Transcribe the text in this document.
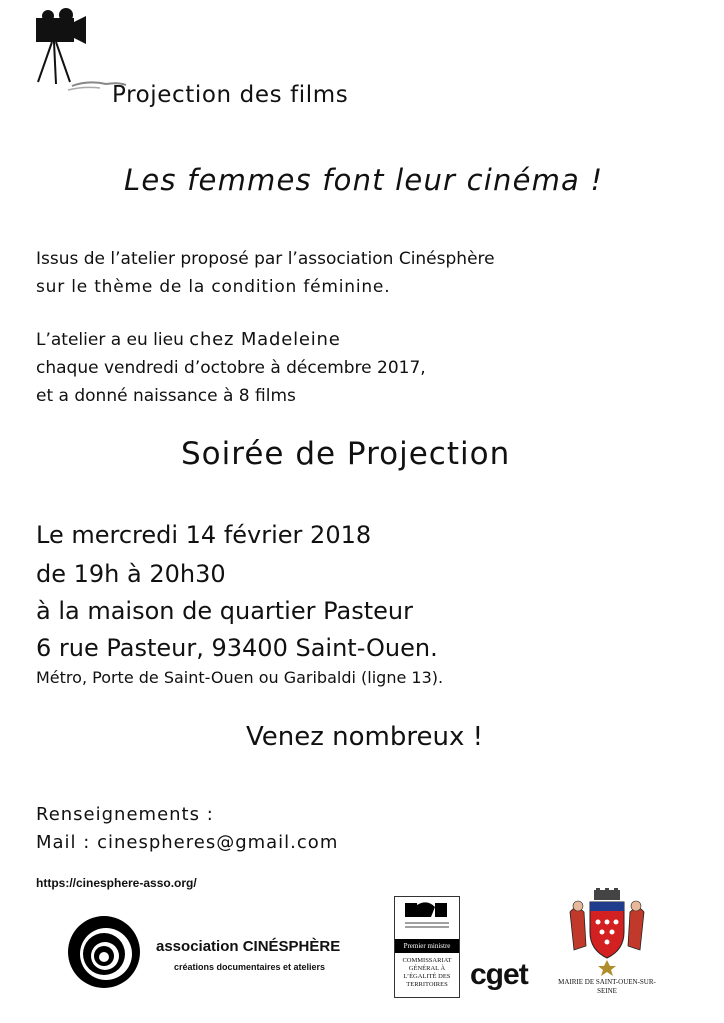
Projection des films
Les femmes font leur cinéma !
Issus de l’atelier proposé par l’association Cinésphère
sur le thème de la condition féminine.
L’atelier a eu lieu chez Madeleine
chaque vendredi d’octobre à décembre 2017,
et a donné naissance à 8 films
Soirée de Projection
Le mercredi 14 février 2018
de 19h à 20h30
à la maison de quartier Pasteur
6 rue Pasteur, 93400 Saint-Ouen.
Métro, Porte de Saint-Ouen ou Garibaldi (ligne 13).
Venez nombreux !
Renseignements :
Mail : cinespheres@gmail.com
https://cinesphere-asso.org/
association CINÉSPHÈRE
créations documentaires et ateliers
Premier ministre
COMMISSARIAT GÉNÉRAL À L’ÉGALITÉ DES TERRITOIRES cget	MAIRIE DE SAINT-OUEN-SUR-SEINE
